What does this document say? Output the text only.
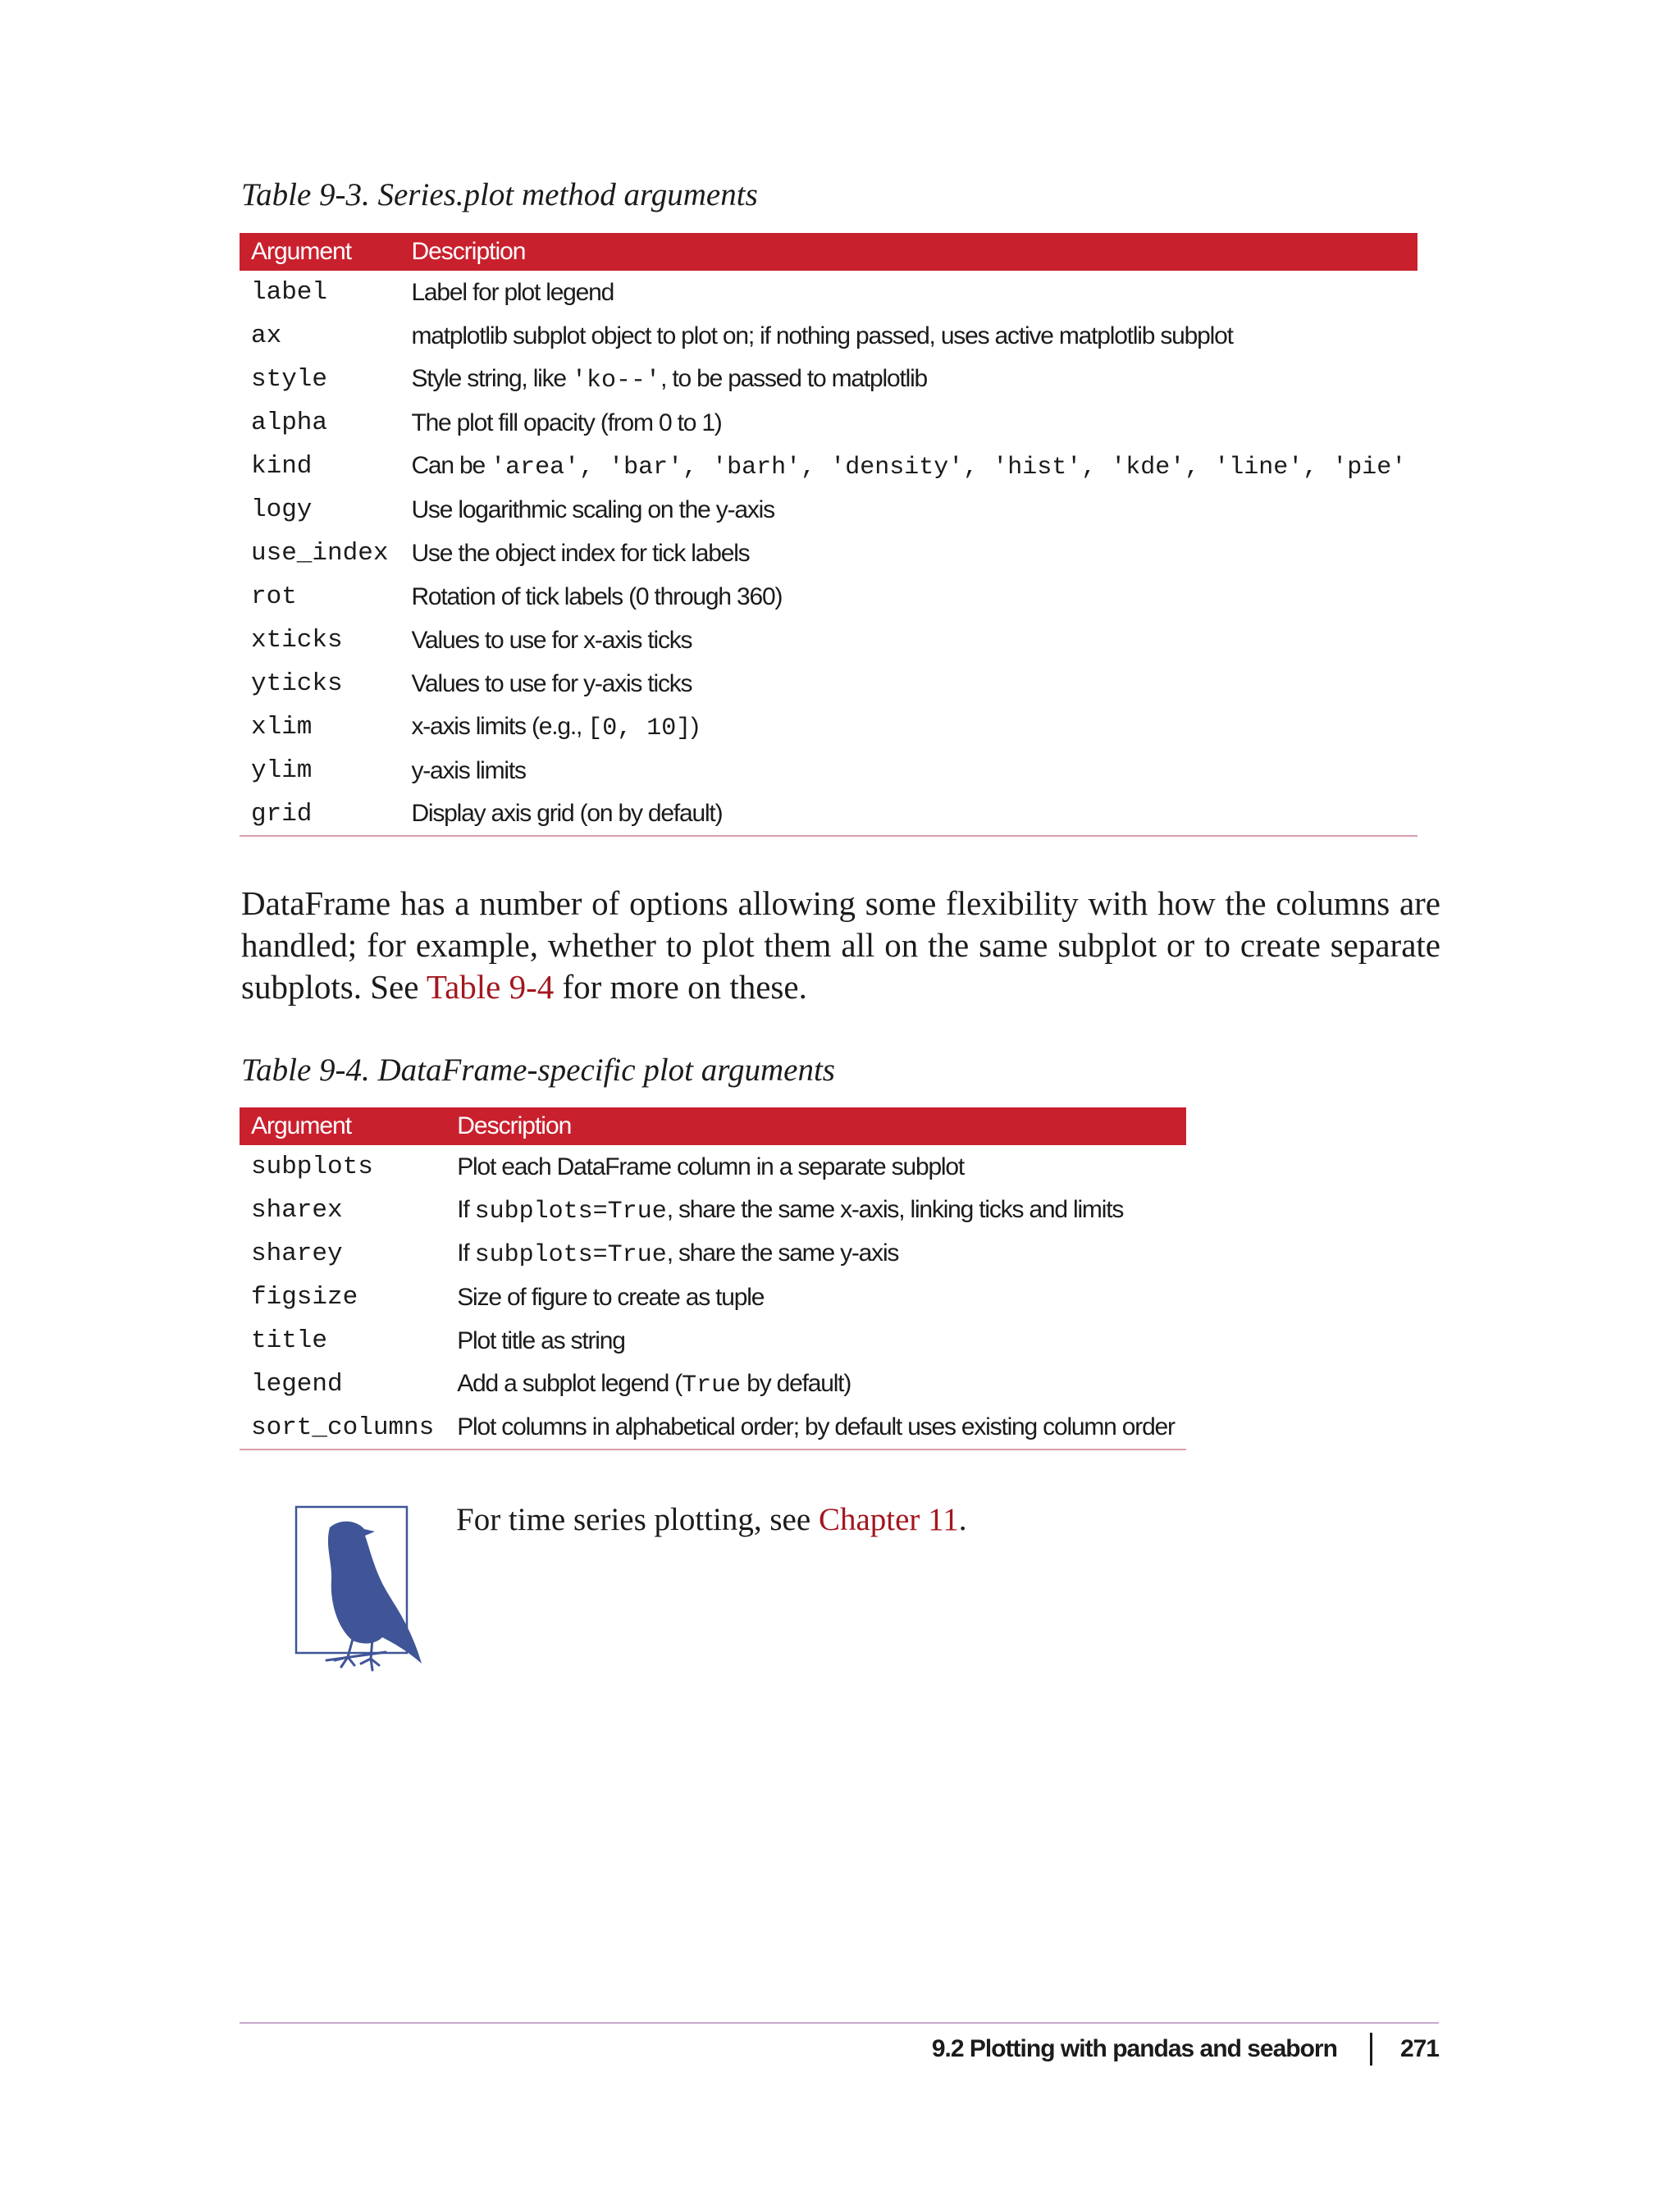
Table 9-3. Series.plot method arguments
Argument	Description
label	Label for plot legend
ax	matplotlib subplot object to plot on; if nothing passed, uses active matplotlib subplot
style	Style string, like 'ko--', to be passed to matplotlib
alpha	The plot fill opacity (from 0 to 1)
kind	Can be 'area', 'bar', 'barh', 'density', 'hist', 'kde', 'line', 'pie'
logy	Use logarithmic scaling on the y-axis
use_index	Use the object index for tick labels
rot	Rotation of tick labels (0 through 360)
xticks	Values to use for x-axis ticks
yticks	Values to use for y-axis ticks
xlim	x-axis limits (e.g., [0, 10])
ylim	y-axis limits
grid	Display axis grid (on by default)

DataFrame has a number of options allowing some flexibility with how the columns are handled; for example, whether to plot them all on the same subplot or to create separate subplots. See Table 9-4 for more on these.

Table 9-4. DataFrame-specific plot arguments
Argument	Description
subplots	Plot each DataFrame column in a separate subplot
sharex	If subplots=True, share the same x-axis, linking ticks and limits
sharey	If subplots=True, share the same y-axis
figsize	Size of figure to create as tuple
title	Plot title as string
legend	Add a subplot legend (True by default)
sort_columns	Plot columns in alphabetical order; by default uses existing column order
For time series plotting, see Chapter 11.
9.2 Plotting with pandas and seaborn	271
